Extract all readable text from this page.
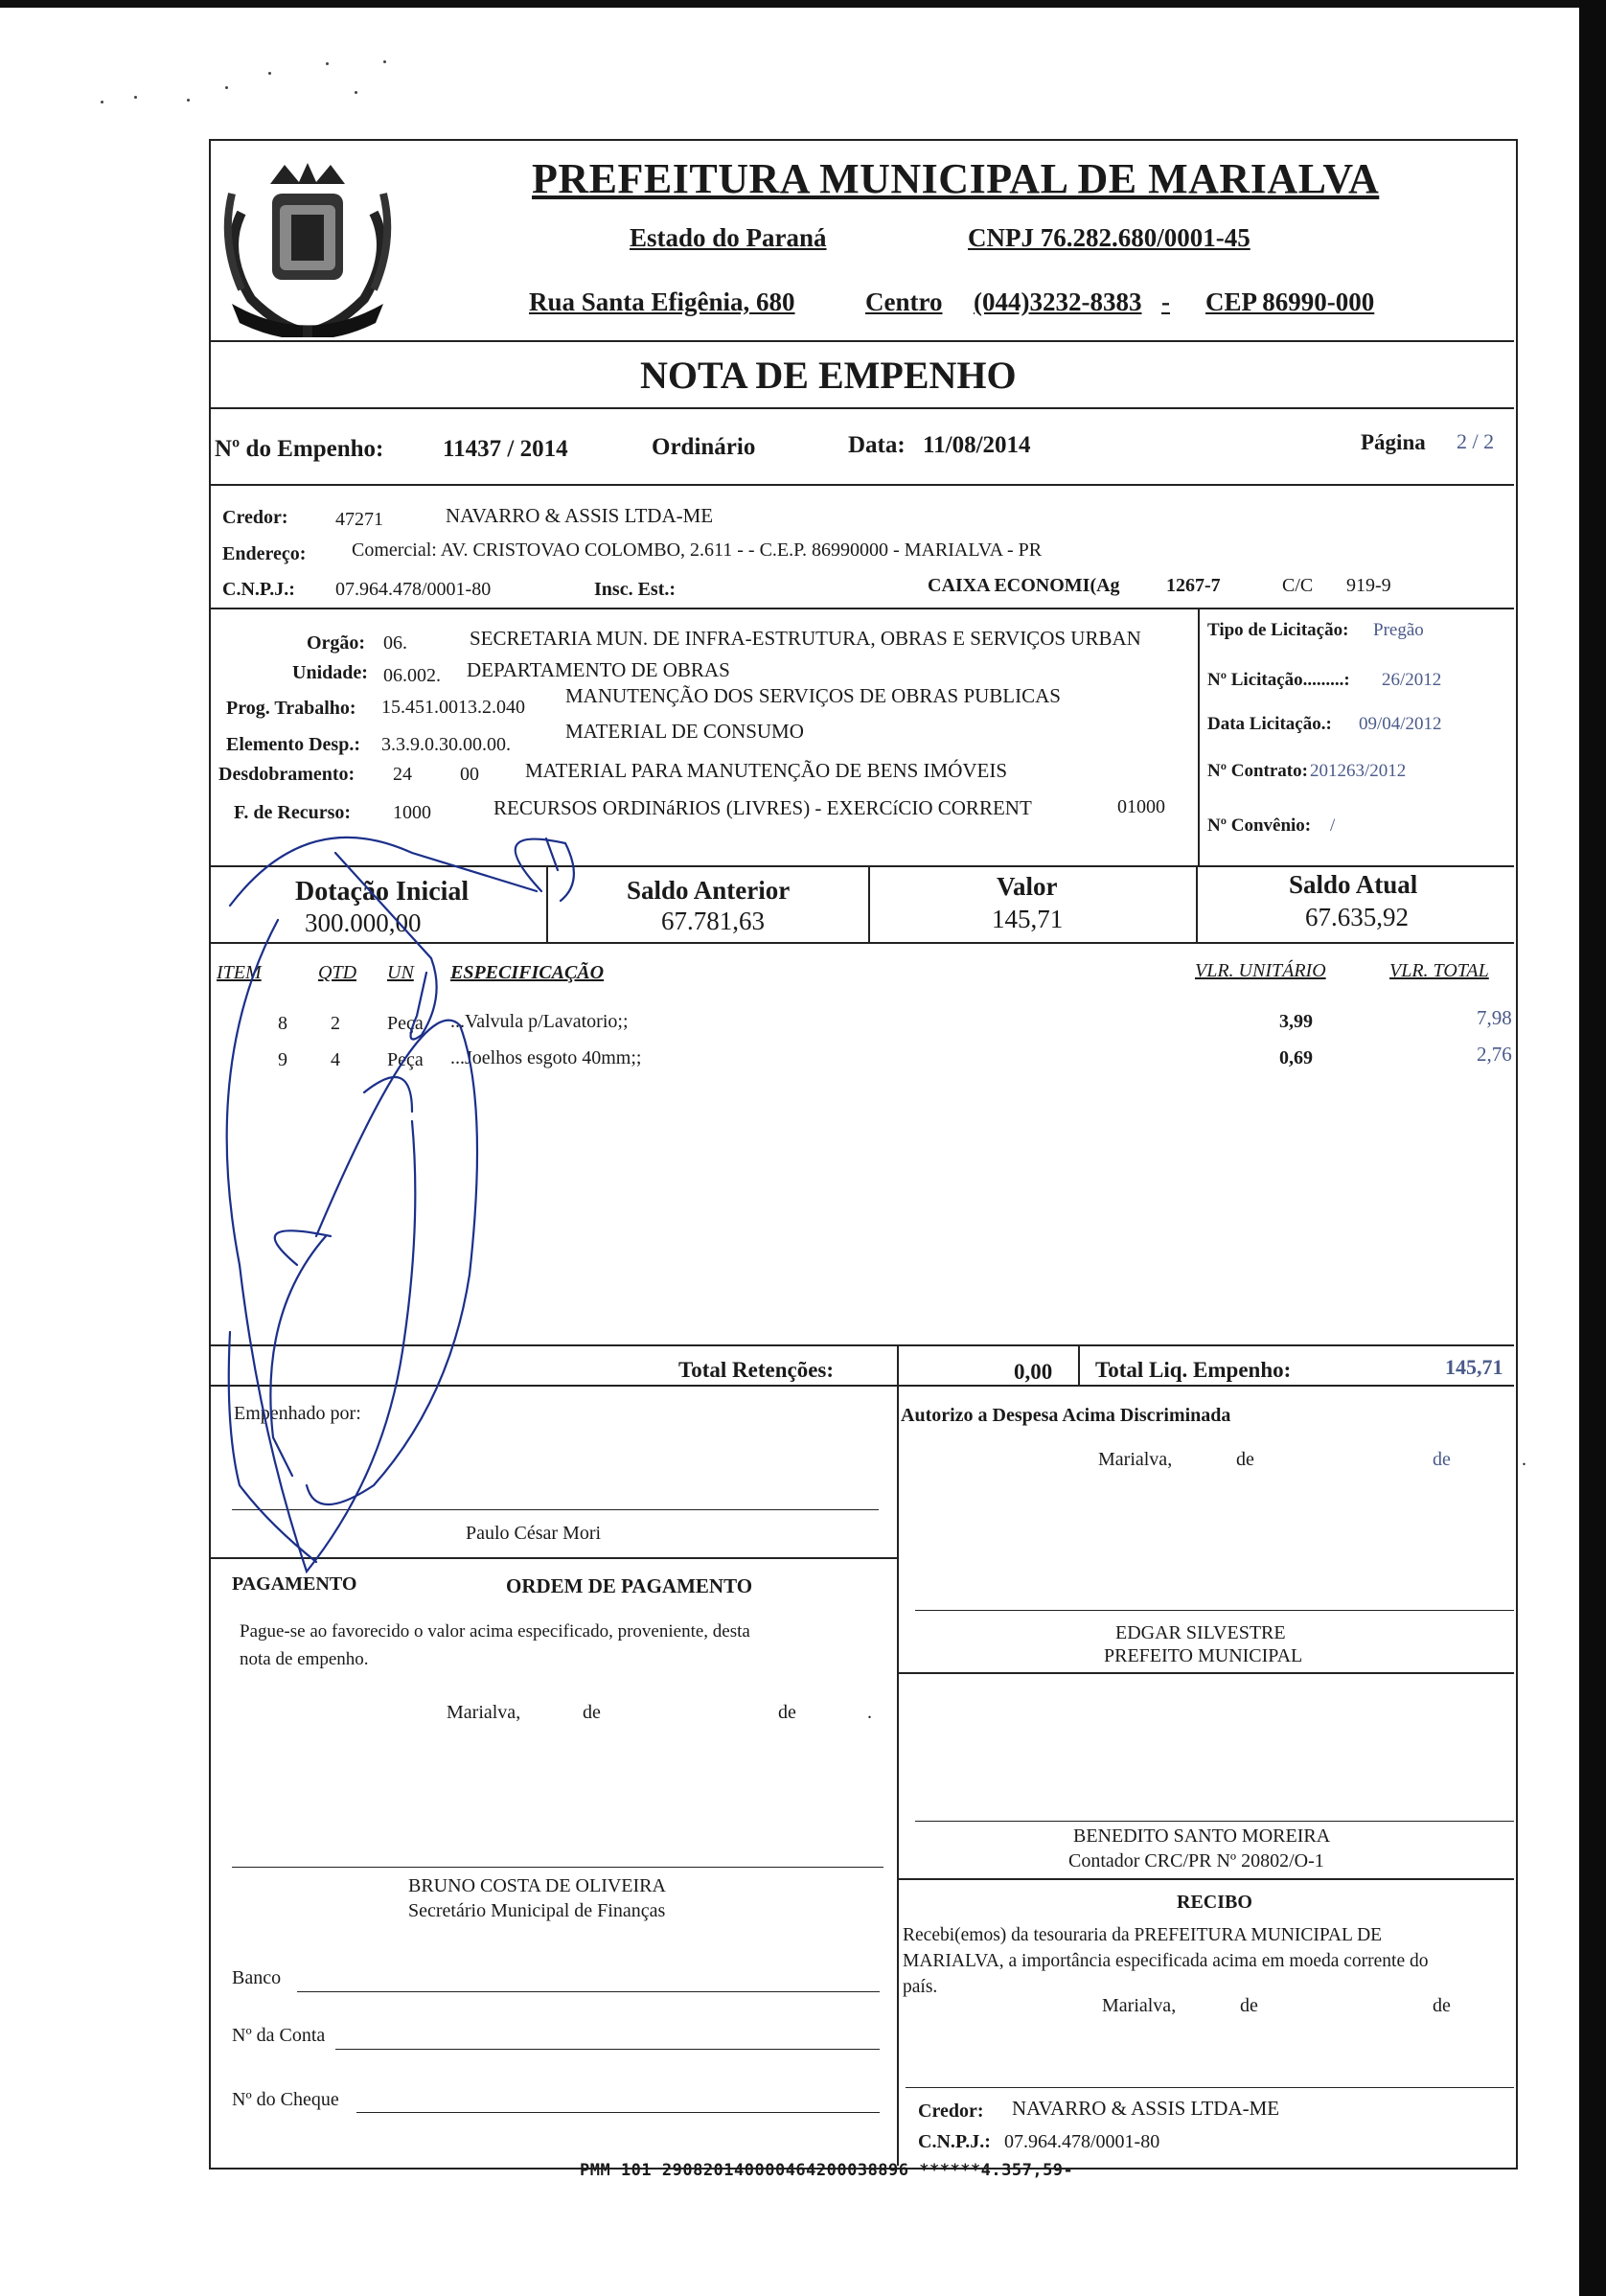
PREFEITURA MUNICIPAL DE MARIALVA
Estado do Paraná	CNPJ 76.282.680/0001-45
Rua Santa Efigênia, 680	Centro (044)3232-8383 - CEP 86990-000
NOTA DE EMPENHO
Nº do Empenho: 11437 / 2014	Ordinário	Data: 11/08/2014	Página 2 / 2
Credor: 47271	NAVARRO & ASSIS LTDA-ME
Endereço: Comercial: AV. CRISTOVAO COLOMBO, 2.611 - - C.E.P. 86990000 - MARIALVA - PR
C.N.P.J.: 07.964.478/0001-80	Insc. Est.:	CAIXA ECONOMI(Ag 1267-7	C/C 919-9
Orgão: 06.	SECRETARIA MUN. DE INFRA-ESTRUTURA, OBRAS E SERVIÇOS URBAN
Unidade: 06.002. DEPARTAMENTO DE OBRAS
Prog. Trabalho: 15.451.0013.2.040 MANUTENÇÃO DOS SERVIÇOS DE OBRAS PUBLICAS
Elemento Desp.: 3.3.9.0.30.00.00.
MATERIAL DE CONSUMO
Desdobramento: 24	00 MATERIAL PARA MANUTENÇÃO DE BENS IMÓVEIS
F. de Recurso: 1000	RECURSOS ORDINáRIOS (LIVRES) - EXERCíCIO CORRENT	01000
Tipo de Licitação: Pregão
Nº Licitação.........: 26/2012
Data Licitação.: 09/04/2012
Nº Contrato: 201263/2012
Nº Convênio: /
Dotação Inicial
300.000,00
Saldo Anterior
67.781,63
Valor
145,71
Saldo Atual
67.635,92
ITEM	QTD UN ESPECIFICAÇÃO	VLR. UNITÁRIO	VLR. TOTAL
8 2 Peça ...Valvula p/Lavatorio;;	3,99	7,98
9 4 Peça ...Joelhos esgoto 40mm;;	0,69	2,76
Total Retenções:	0,00 Total Liq. Empenho:	145,71
Empenhado por:
Paulo César Mori
Autorizo a Despesa Acima Discriminada
Marialva,	de	de	.
PAGAMENTO	ORDEM DE PAGAMENTO
Pague-se ao favorecido o valor acima especificado, proveniente, desta
nota de empenho.
Marialva,	de	de	.
BRUNO COSTA DE OLIVEIRA
Secretário Municipal de Finanças
Banco
Nº da Conta
Nº do Cheque
EDGAR SILVESTRE
PREFEITO MUNICIPAL
BENEDITO SANTO MOREIRA
Contador CRC/PR Nº 20802/O-1
RECIBO
Recebi(emos) da tesouraria da PREFEITURA MUNICIPAL DE
MARIALVA, a importância especificada acima em moeda corrente do
país.
Marialva,	de	de
Credor: NAVARRO & ASSIS LTDA-ME
C.N.P.J.: 07.964.478/0001-80
PMM 101 290820140000464200038896 ******4.357,59-
